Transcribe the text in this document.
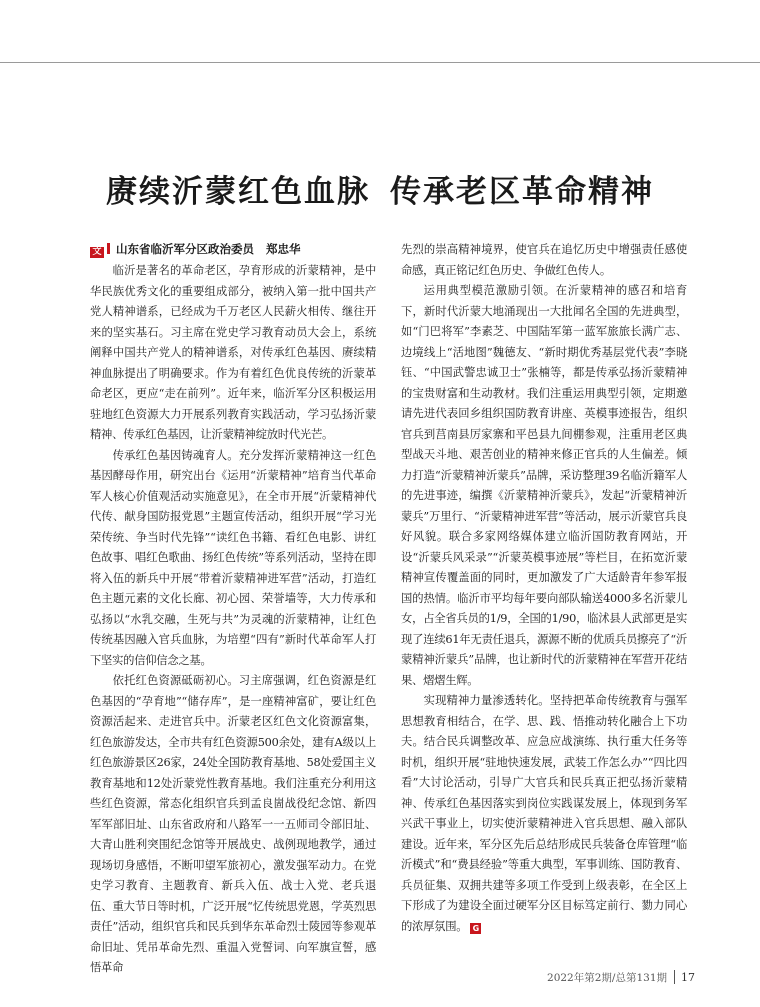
赓续沂蒙红色血脉 传承老区革命精神
文 山东省临沂军分区政治委员 郑忠华

临沂是著名的革命老区，孕育形成的沂蒙精神，是中华民族优秀文化的重要组成部分，被纳入第一批中国共产党人精神谱系，已经成为千万老区人民薪火相传、继往开来的坚实基石。习主席在党史学习教育动员大会上，系统阐释中国共产党人的精神谱系，对传承红色基因、赓续精神血脉提出了明确要求。作为有着红色优良传统的沂蒙革命老区，更应“走在前列”。近年来，临沂军分区积极运用驻地红色资源大力开展系列教育实践活动，学习弘扬沂蒙精神、传承红色基因，让沂蒙精神绽放时代光芒。

传承红色基因铸魂育人。充分发挥沂蒙精神这一红色基因酵母作用，研究出台《运用“沂蒙精神”培育当代革命军人核心价值观活动实施意见》，在全市开展“沂蒙精神代代传、献身国防报党恩”主题宣传活动，组织开展“学习光荣传统、争当时代先锋”“读红色书籍、看红色电影、讲红色故事、唱红色歌曲、扬红色传统”等系列活动，坚持在即将入伍的新兵中开展“带着沂蒙精神进军营”活动，打造红色主题元素的文化长廊、初心园、荣誉墙等，大力传承和弘扬以“水乳交融，生死与共”为灵魂的沂蒙精神，让红色传统基因融入官兵血脉，为培塑“四有”新时代革命军人打下坚实的信仰信念之基。

依托红色资源砥砺初心。习主席强调，红色资源是红色基因的“孕育地”“储存库”，是一座精神富矿，要让红色资源活起来、走进官兵中。沂蒙老区红色文化资源富集，红色旅游发达，全市共有红色资源500余处，建有A级以上红色旅游景区26家，24处全国防教育基地、58处爱国主义教育基地和12处沂蒙党性教育基地。我们注重充分利用这些红色资源，常态化组织官兵到孟良崮战役纪念馆、新四军军部旧址、山东省政府和八路军一一五师司令部旧址、大青山胜利突围纪念馆等开展战史、战例现地教学，通过现场切身感悟，不断叩望军旅初心，激发强军动力。在党史学习教育、主题教育、新兵入伍、战士入党、老兵退伍、重大节日等时机，广泛开展“忆传统思党恩，学英烈思责任”活动，组织官兵和民兵到华东革命烈士陵园等参观革命旧址、凭吊革命先烈、重温入党誓词、向军旗宣誓，感悟革命

先烈的崇高精神境界，使官兵在追忆历史中增强责任感使命感，真正铭记红色历史、争做红色传人。

运用典型模范激励引领。在沂蒙精神的感召和培育下，新时代沂蒙大地涌现出一大批闻名全国的先进典型，如“门巴将军”李素芝、中国陆军第一蓝军旅旅长满广志、边境线上“活地图”魏德友、“新时期优秀基层党代表”李晓钰、“中国武警忠诚卫士”张楠等，都是传承弘扬沂蒙精神的宝贵财富和生动教材。我们注重运用典型引领，定期邀请先进代表回乡组织国防教育讲座、英模事迹报告，组织官兵到莒南县厉家寨和平邑县九间棚参观，注重用老区典型战天斗地、艰苦创业的精神来修正官兵的人生偏差。倾力打造“沂蒙精神沂蒙兵”品牌，采访整理39名临沂籍军人的先进事迹，编撰《沂蒙精神沂蒙兵》，发起“沂蒙精神沂蒙兵”万里行、“沂蒙精神进军营”等活动，展示沂蒙官兵良好风貌。联合多家网络媒体建立临沂国防教育网站，开设“沂蒙兵风采录”“沂蒙英模事迹展”等栏目，在拓宽沂蒙精神宣传覆盖面的同时，更加激发了广大适龄青年参军报国的热情。临沂市平均每年要向部队输送4000多名沂蒙儿女，占全省兵员的1/9，全国的1/90，临沭县人武部更是实现了连续61年无责任退兵，源源不断的优质兵员擦亮了“沂蒙精神沂蒙兵”品牌，也让新时代的沂蒙精神在军营开花结果、熠熠生辉。

实现精神力量渗透转化。坚持把革命传统教育与强军思想教育相结合，在学、思、践、悟推动转化融合上下功夫。结合民兵调整改革、应急应战演练、执行重大任务等时机，组织开展“驻地快速发展，武装工作怎么办”“四比四看”大讨论活动，引导广大官兵和民兵真正把弘扬沂蒙精神、传承红色基因落实到岗位实践谋发展上，体现到务军兴武干事业上，切实使沂蒙精神进入官兵思想、融入部队建设。近年来，军分区先后总结形成民兵装备仓库管理“临沂模式”和“费县经验”等重大典型，军事训练、国防教育、兵员征集、双拥共建等多项工作受到上级表彰，在全区上下形成了为建设全面过硬军分区目标笃定前行、勠力同心的浓厚氛围。 G

2022年第2期/总第131期 17
